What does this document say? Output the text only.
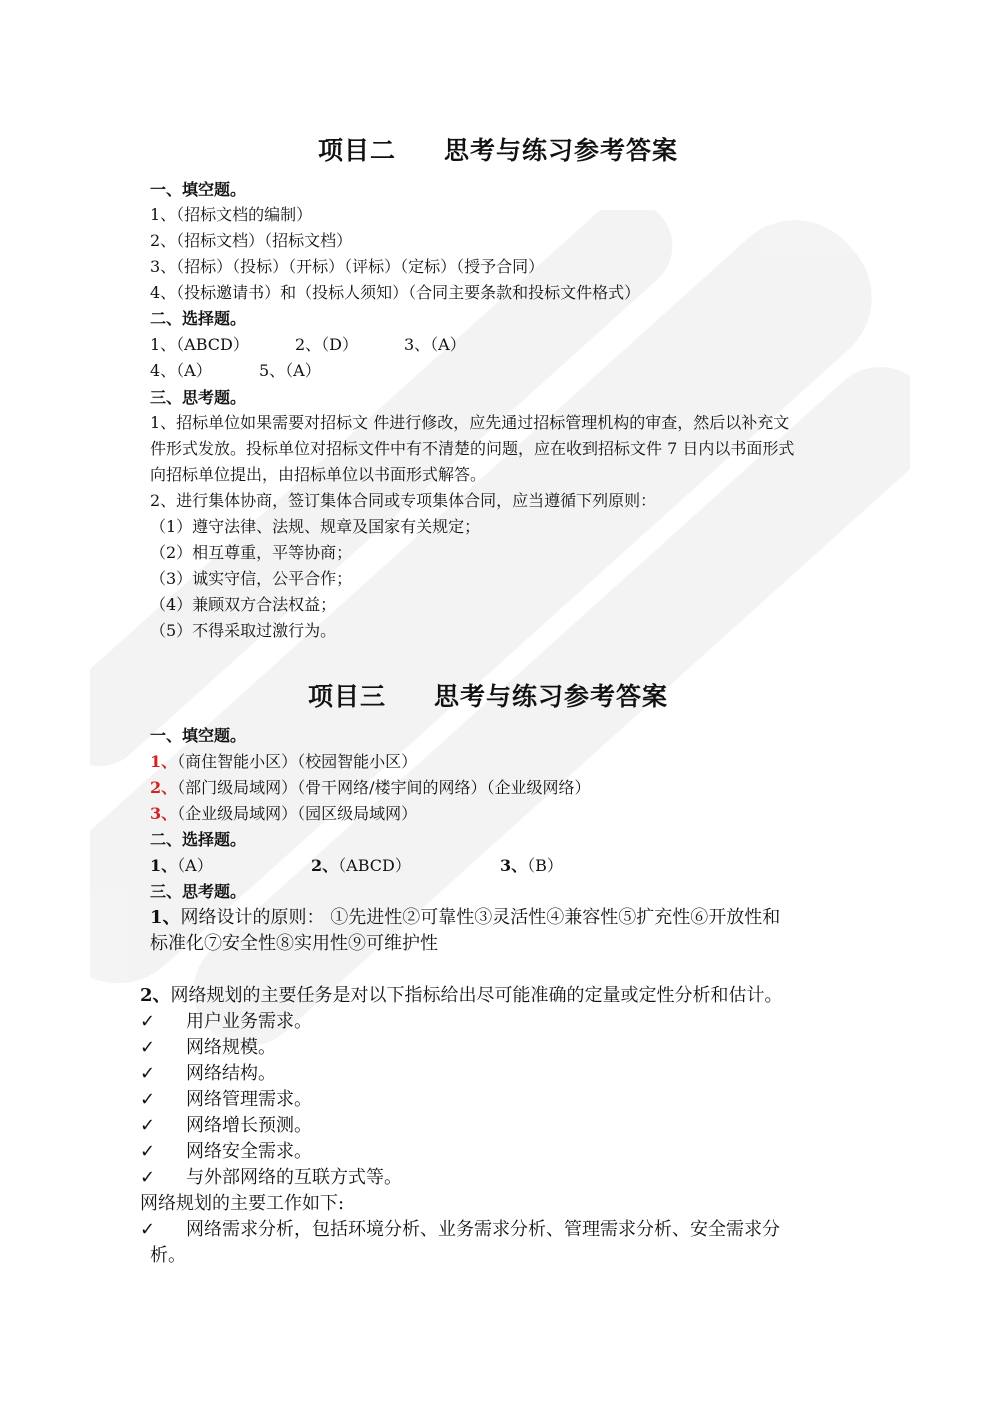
项目二 思考与练习参考答案
一、填空题。
1、（招标文档的编制）
2、（招标文档）（招标文档）
3、（招标）（投标）（开标）（评标）（定标）（授予合同）
4、（投标邀请书）和（投标人须知）（合同主要条款和投标文件格式）
二、选择题。
1、（ABCD）	2、（D）	3、（A）
4、（A）	5、（A）
三、思考题。
1、招标单位如果需要对招标文 件进行修改，应先通过招标管理机构的审查，然后以补充文
件形式发放。投标单位对招标文件中有不清楚的问题，应在收到招标文件 7 日内以书面形式
向招标单位提出，由招标单位以书面形式解答。
2、进行集体协商，签订集体合同或专项集体合同，应当遵循下列原则：
（1）遵守法律、法规、规章及国家有关规定；
（2）相互尊重，平等协商；
（3）诚实守信，公平合作；
（4）兼顾双方合法权益；
（5）不得采取过激行为。
项目三 思考与练习参考答案
一、填空题。
1、（商住智能小区）（校园智能小区）
2、（部门级局域网）（骨干网络/楼宇间的网络）（企业级网络）
3、（企业级局域网）（园区级局域网）
二、选择题。
1、（A）	2、（ABCD）	3、（B）
三、思考题。
1、网络设计的原则： ①先进性②可靠性③灵活性④兼容性⑤扩充性⑥开放性和
标准化⑦安全性⑧实用性⑨可维护性
2、网络规划的主要任务是对以下指标给出尽可能准确的定量或定性分析和估计。
✓ 用户业务需求。
✓ 网络规模。
✓ 网络结构。
✓ 网络管理需求。
✓ 网络增长预测。
✓ 网络安全需求。
✓ 与外部网络的互联方式等。
网络规划的主要工作如下:
✓ 网络需求分析，包括环境分析、业务需求分析、管理需求分析、安全需求分
析。
